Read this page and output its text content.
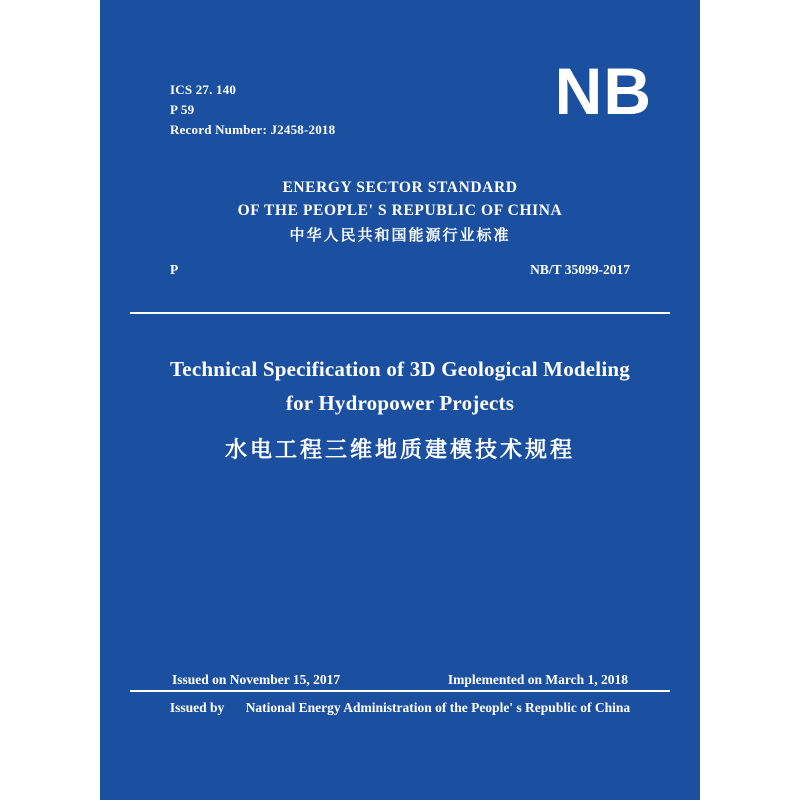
ICS 27. 140
P 59
Record Number: J2458-2018
NB
ENERGY SECTOR STANDARD
OF THE PEOPLE' S REPUBLIC OF CHINA
中华人民共和国能源行业标准
P	NB/T 35099-2017
Technical Specification of 3D Geological Modeling
for Hydropower Projects
水电工程三维地质建模技术规程
Issued on November 15, 2017	Implemented on March 1, 2018
Issued by National Energy Administration of the People' s Republic of China
